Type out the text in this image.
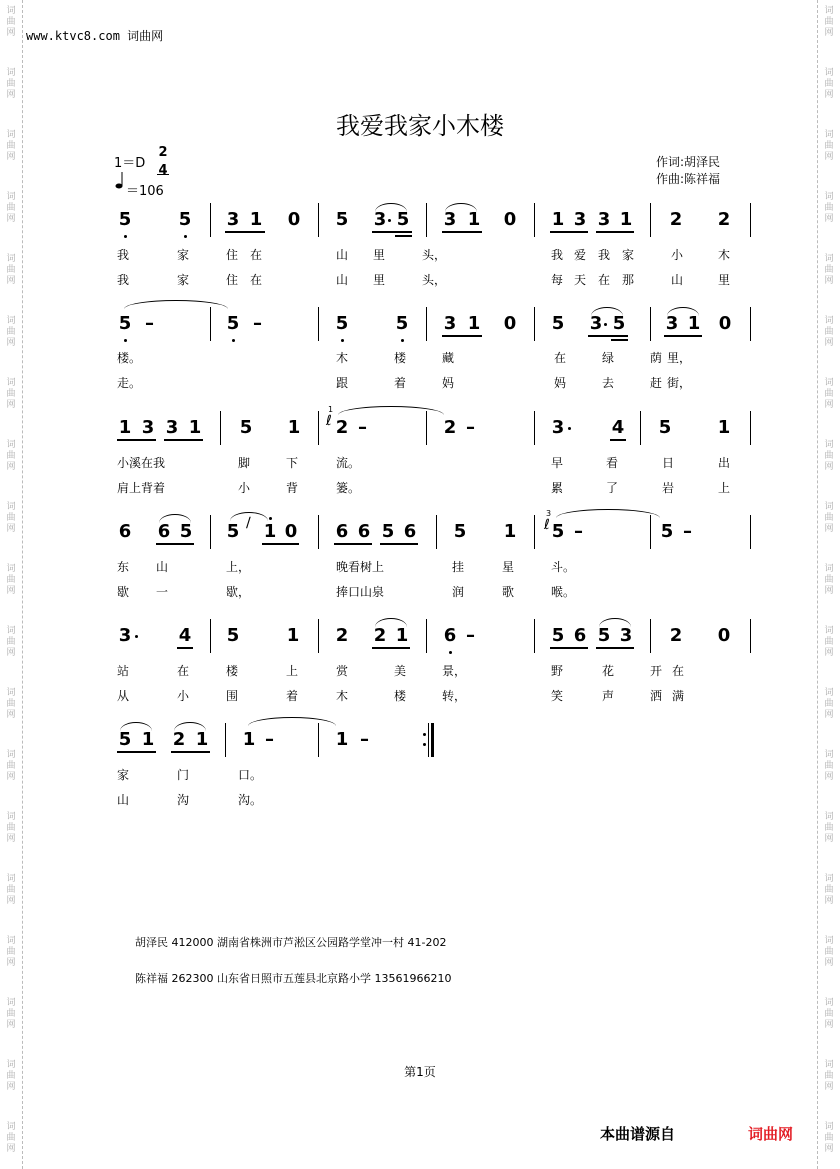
词
曲
网
词
曲
网
词
曲
网
词
曲
网
词
曲
网
词
曲
网
词
曲
网
词
曲
网
词
曲
网
词
曲
网
词
曲
网
词
曲
网
词
曲
网
词
曲
网
词
曲
网
词
曲
网
词
曲
网
词
曲
网
词
曲
网
词
曲
网
词
曲
网
词
曲
网
词
曲
网
词
曲
网
词
曲
网
词
曲
网
词
曲
网
词
曲
网
词
曲
网
词
曲
网
词
曲
网
词
曲
网
词
曲
网
词
曲
网
词
曲
网
词
曲
网
词
曲
网
词
曲
网
www.ktvc8.com 词曲网
我爱我家小木楼
作词:胡泽民
作曲:陈祥福
1＝D
2
4
＝106
5	5 3 1 0 5 3 5 3 1 0 1 3 3 1 2 2
我	家	住 在	山 里	头，	我 爱 我 家	小	木
我	家	住 在	山 里	头，	每 天 在 那	山	里
5 –	5 –	5	5 3 1 0 5 3 5 3 1 0
楼。	木	楼	藏	在	绿	荫 里，
走。	跟	着	妈	妈	去	赶 街，
1 3 3 1 5 1
1
ℓ 2 –	2 –	3	4 5	1
小溪在我	脚	下	流。	早	看	日	出
肩上背着	小	背	篓。	累	了	岩	上
6 6 5 5 ∕ 1 0 6 6 5 6 5 1
3
ℓ 5 –	5 –
东 山	上，	晚看树上	挂	星	斗。
歇 一	歇，	捧口山泉	润	歌	喉。
3	4 5	1 2 2 1 6 –	5 6 5 3 2 0
站	在	楼	上	赏	美	景，	野	花	开 在
从	小	围	着	木	楼	转，	笑	声	洒 满
5 1 2 1 1 –	1 –
家	门	口。
山	沟	沟。
胡泽民 412000 湖南省株洲市芦淞区公园路学堂冲一村 41-202
陈祥福 262300 山东省日照市五莲县北京路小学 13561966210
第1页
本曲谱源自	词曲网
